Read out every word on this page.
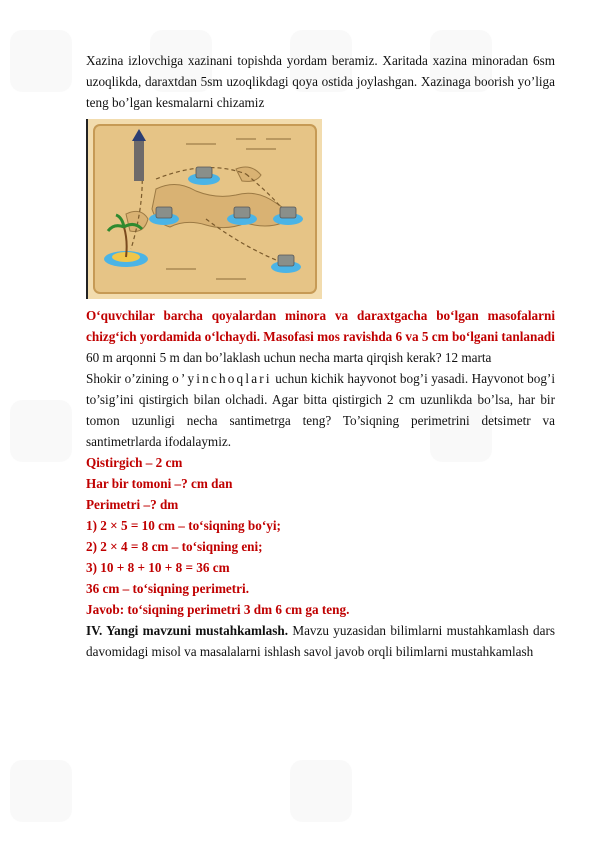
Xazina izlovchiga xazinani topishda yordam beramiz. Xaritada xazina minoradan 6sm uzoqlikda, daraxtdan 5sm uzoqlikdagi qoya ostida joylashgan. Xazinaga boorish yo’liga teng bo’lgan kesmalarni chizamiz

O‘quvchilar barcha qoyalardan minora va daraxtgacha bo‘lgan masofalarni chizg‘ich yordamida o‘lchaydi. Masofasi mos ravishda 6 va 5 cm bo‘lgani tanlanadi

60 m arqonni 5 m dan bo’laklash uchun necha marta qirqish kerak? 12 marta

Shokir o’zining o’yinchoqlari uchun kichik hayvonot bog’i yasadi. Hayvonot bog’i to’sig’ini qistirgich bilan olchadi. Agar bitta qistirgich 2 cm uzunlikda bo’lsa, har bir tomon uzunligi necha santimetrga teng? To’siqning perimetrini detsimetr va santimetrlarda ifodalaymiz.

Qistirgich – 2 cm

Har bir tomoni –? cm dan

Perimetri –? dm

1) 2 × 5 = 10 cm – to‘siqning bo‘yi;

2) 2 × 4 = 8 cm – to‘siqning eni;

3) 10 + 8 + 10 + 8 = 36 cm

36 cm – to‘siqning perimetri.

Javob: to‘siqning perimetri 3 dm 6 cm ga teng.

IV. Yangi mavzuni mustahkamlash. Mavzu yuzasidan bilimlarni mustahkamlash dars davomidagi misol va masalalarni ishlash savol javob orqli bilimlarni mustahkamlash
